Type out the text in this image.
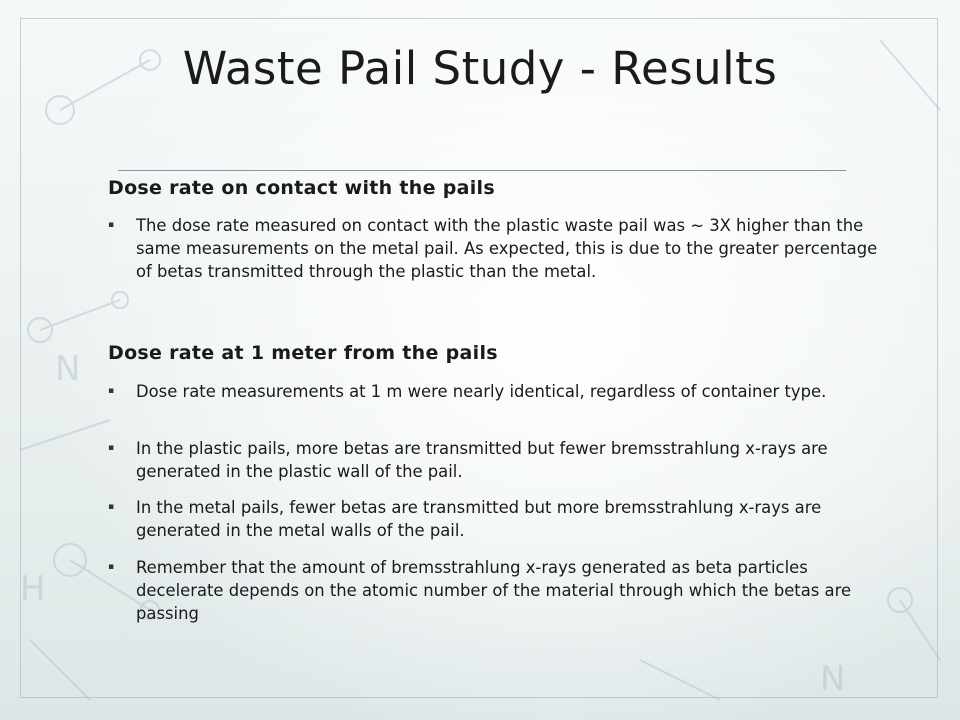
N
H
N
Waste Pail Study - Results
Dose rate on contact with the pails
▪	The dose rate measured on contact with the plastic waste pail was ~ 3X higher than the same measurements on the metal pail. As expected, this is due to the greater percentage of betas transmitted through the plastic than the metal.
Dose rate at 1 meter from the pails
▪	Dose rate measurements at 1 m were nearly identical, regardless of container type.
▪	In the plastic pails, more betas are transmitted but fewer bremsstrahlung x-rays are generated in the plastic wall of the pail.
▪	In the metal pails, fewer betas are transmitted but more bremsstrahlung x-rays are generated in the metal walls of the pail.
▪	Remember that the amount of bremsstrahlung x-rays generated as beta particles decelerate depends on the atomic number of the material through which the betas are passing
